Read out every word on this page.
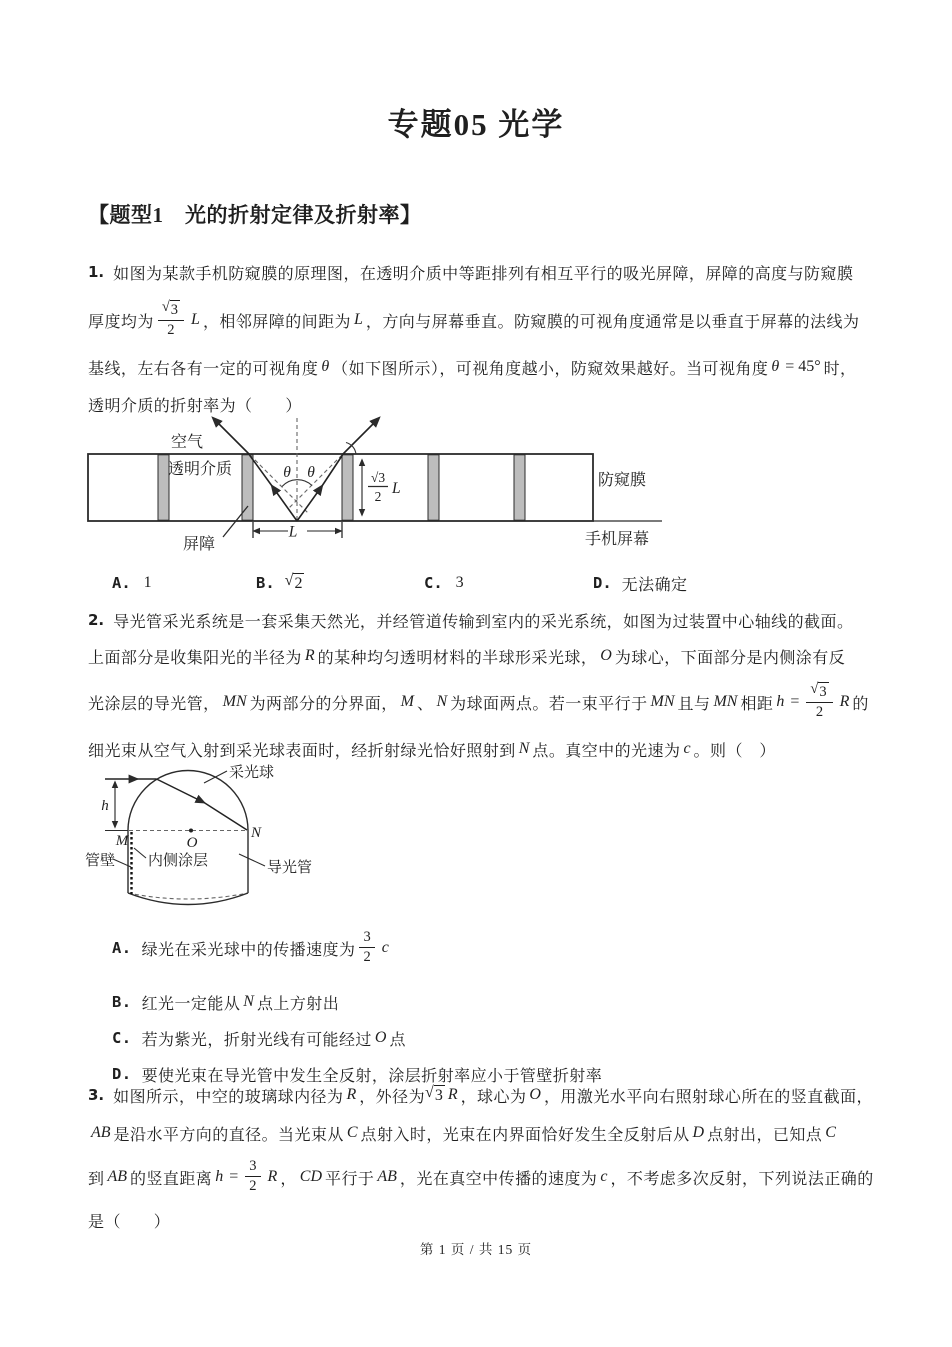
专题05 光学
【题型1　光的折射定律及折射率】
1. 如图为某款手机防窥膜的原理图，在透明介质中等距排列有相互平行的吸光屏障，屏障的高度与防窥膜
厚度均为 $\frac{√ 3}{2}$ L ，相邻屏障的间距为 L ，方向与屏幕垂直。防窥膜的可视角度通常是以垂直于屏幕的法线为
基线，左右各有一定的可视角度 θ （如下图所示），可视角度越小，防窥效果越好。当可视角度 θ = 45° 时，
透明介质的折射率为（　　）
θ θ	√3
2 L
L
空气
透明介质
屏障
防窥膜
手机屏幕
A. 1	B. √ 2	C. 3	D. 无法确定
2. 导光管采光系统是一套采集天然光，并经管道传输到室内的采光系统，如图为过装置中心轴线的截面。
上面部分是收集阳光的半径为 R 的某种均匀透明材料的半球形采光球， O 为球心，下面部分是内侧涂有反
光涂层的导光管， MN 为两部分的分界面， M 、 N 为球面两点。若一束平行于 MN 且与 MN 相距 $h = \frac{√ 3}{2}$ R 的
细光束从空气入射到采光球表面时，经折射绿光恰好照射到 N 点。真空中的光速为 c 。则（　）
h
M	N
O
采光球
管壁 内侧涂层	导光管
A. 绿光在采光球中的传播速度为 $\frac{3}{2}$ c
B. 红光一定能从 N 点上方射出
C. 若为紫光，折射光线有可能经过 O 点
D. 要使光束在导光管中发生全反射，涂层折射率应小于管壁折射率
3. 如图所示，中空的玻璃球内径为 R ，外径为 √ 3 R ，球心为 O ，用激光水平向右照射球心所在的竖直截面，
AB 是沿水平方向的直径。当光束从 C 点射入时，光束在内界面恰好发生全反射后从 D 点射出，已知点 C
到 AB 的竖直距离 $h = \frac{3}{2}$ R ， CD 平行于 AB ，光在真空中传播的速度为 c ，不考虑多次反射，下列说法正确的
是（　　）
第 1 页 / 共 15 页
